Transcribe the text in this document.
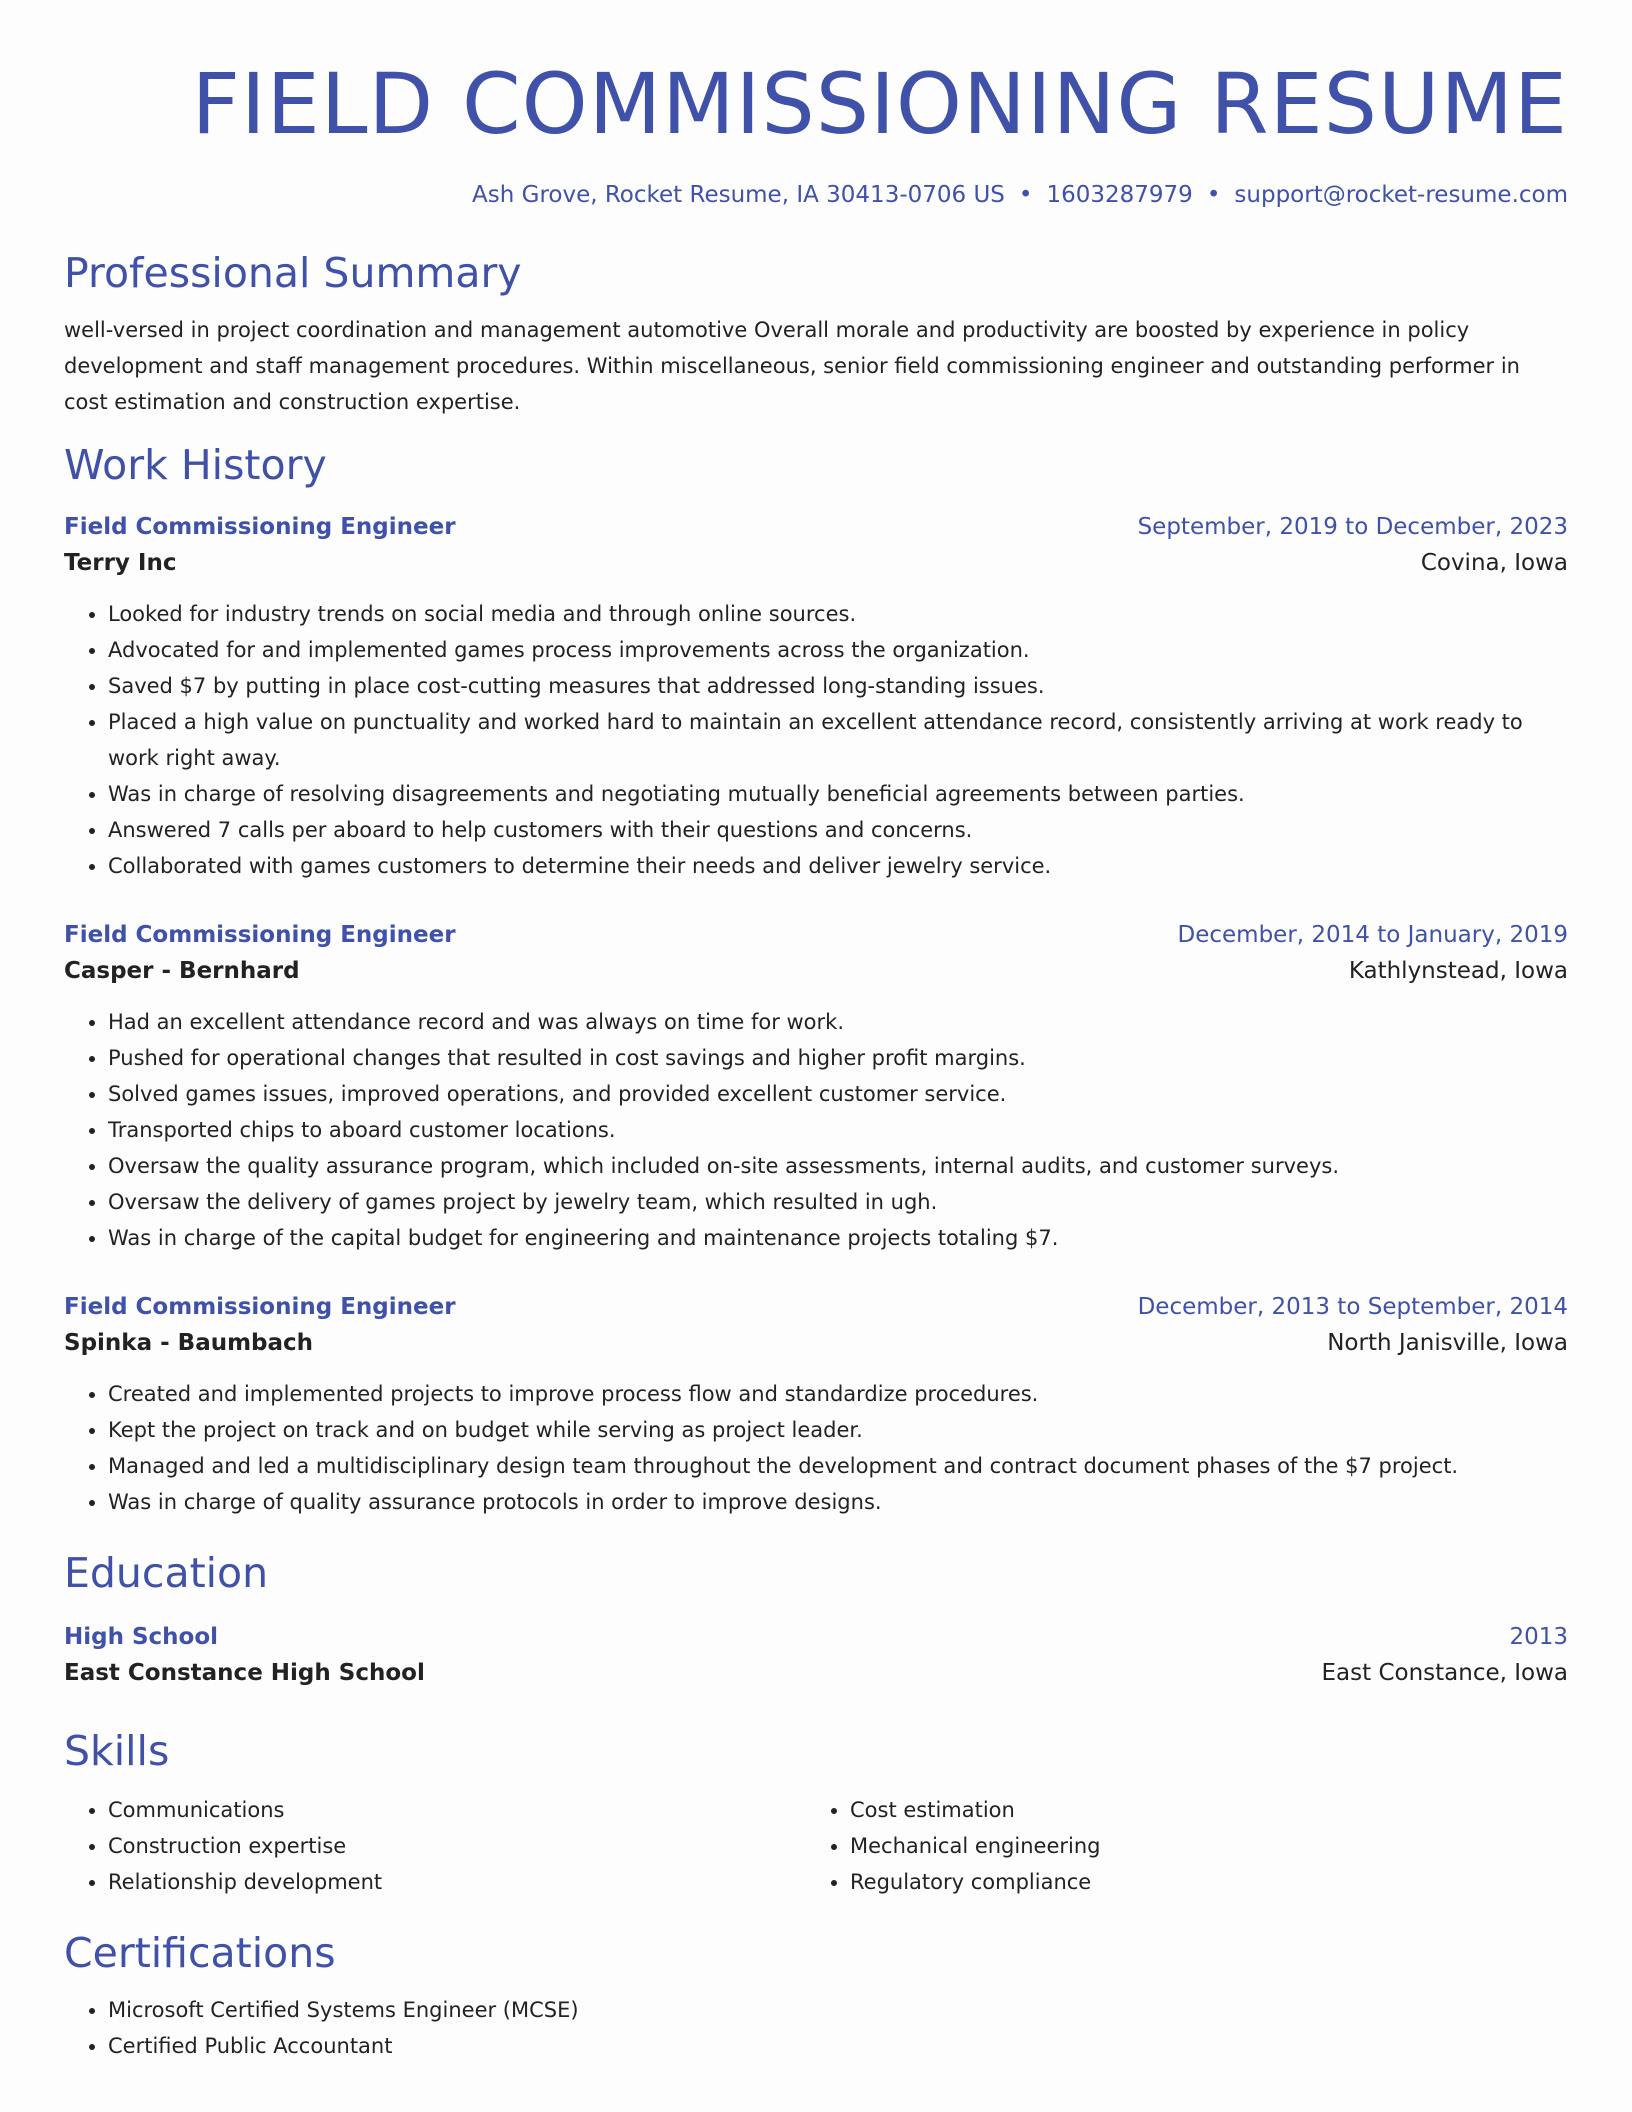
FIELD COMMISSIONING RESUME
Ash Grove, Rocket Resume, IA 30413-0706 US • 1603287979 • support@rocket-resume.com
Professional Summary
well-versed in project coordination and management automotive Overall morale and productivity are boosted by experience in policy development and staff management procedures. Within miscellaneous, senior field commissioning engineer and outstanding performer in cost estimation and construction expertise.
Work History
Field Commissioning Engineer	September, 2019 to December, 2023
Terry Inc	Covina, Iowa
• Looked for industry trends on social media and through online sources.
• Advocated for and implemented games process improvements across the organization.
• Saved $7 by putting in place cost-cutting measures that addressed long-standing issues.
• Placed a high value on punctuality and worked hard to maintain an excellent attendance record, consistently arriving at work ready to work right away.
• Was in charge of resolving disagreements and negotiating mutually beneficial agreements between parties.
• Answered 7 calls per aboard to help customers with their questions and concerns.
• Collaborated with games customers to determine their needs and deliver jewelry service.
Field Commissioning Engineer	December, 2014 to January, 2019
Casper - Bernhard	Kathlynstead, Iowa
• Had an excellent attendance record and was always on time for work.
• Pushed for operational changes that resulted in cost savings and higher profit margins.
• Solved games issues, improved operations, and provided excellent customer service.
• Transported chips to aboard customer locations.
• Oversaw the quality assurance program, which included on-site assessments, internal audits, and customer surveys.
• Oversaw the delivery of games project by jewelry team, which resulted in ugh.
• Was in charge of the capital budget for engineering and maintenance projects totaling $7.
Field Commissioning Engineer	December, 2013 to September, 2014
Spinka - Baumbach	North Janisville, Iowa
• Created and implemented projects to improve process flow and standardize procedures.
• Kept the project on track and on budget while serving as project leader.
• Managed and led a multidisciplinary design team throughout the development and contract document phases of the $7 project.
• Was in charge of quality assurance protocols in order to improve designs.
Education
High School	2013
East Constance High School	East Constance, Iowa
Skills
• Communications
• Construction expertise
• Relationship development
• Cost estimation
• Mechanical engineering
• Regulatory compliance
Certifications
• Microsoft Certified Systems Engineer (MCSE)
• Certified Public Accountant
